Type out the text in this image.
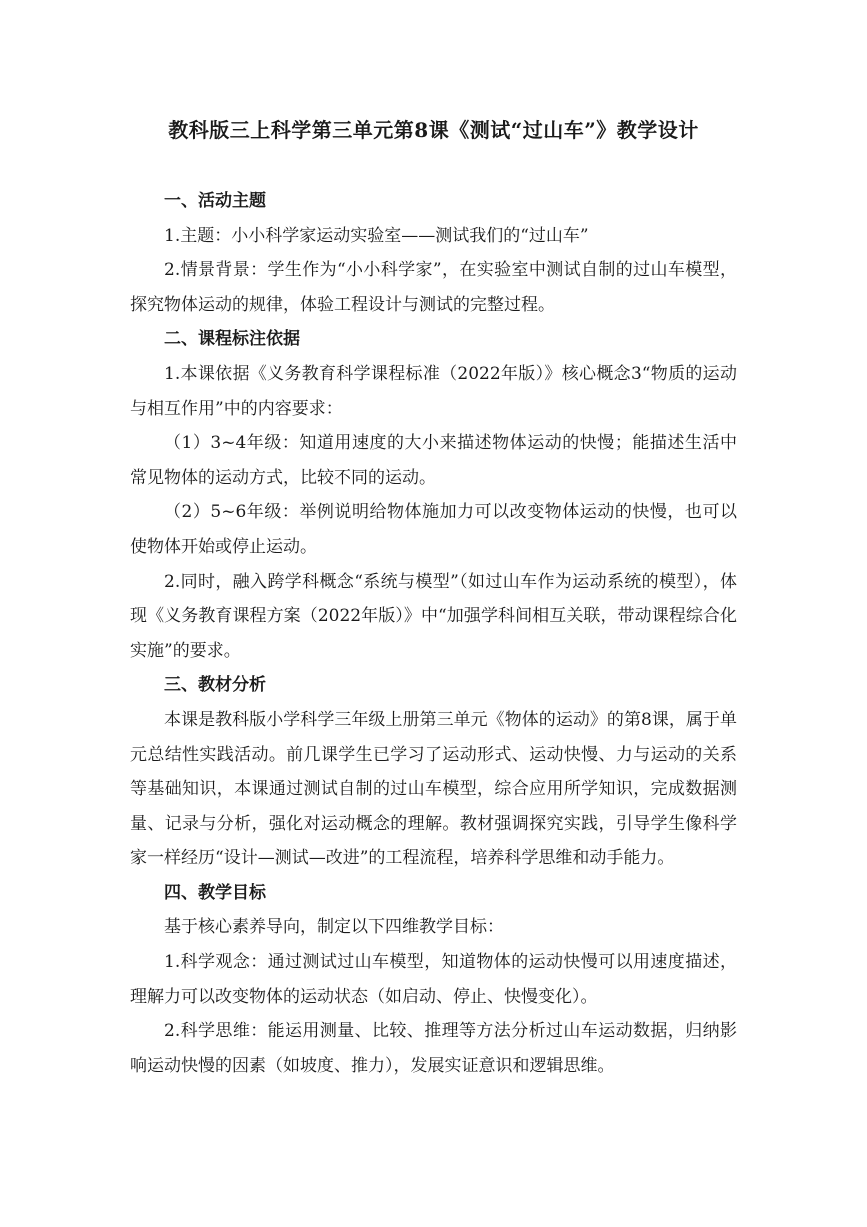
教科版三上科学第三单元第8课《测试“过山车”》教学设计
一、活动主题

1.主题：小小科学家运动实验室——测试我们的“过山车”

2.情景背景：学生作为“小小科学家”，在实验室中测试自制的过山车模型，探究物体运动的规律，体验工程设计与测试的完整过程。

二、课程标注依据

1.本课依据《义务教育科学课程标准（2022年版）》核心概念3“物质的运动与相互作用”中的内容要求：

（1）3~4年级：知道用速度的大小来描述物体运动的快慢；能描述生活中常见物体的运动方式，比较不同的运动。

（2）5~6年级：举例说明给物体施加力可以改变物体运动的快慢，也可以使物体开始或停止运动。

2.同时，融入跨学科概念“系统与模型”（如过山车作为运动系统的模型），体现《义务教育课程方案（2022年版）》中“加强学科间相互关联，带动课程综合化实施”的要求。

三、教材分析

本课是教科版小学科学三年级上册第三单元《物体的运动》的第8课，属于单元总结性实践活动。前几课学生已学习了运动形式、运动快慢、力与运动的关系等基础知识，本课通过测试自制的过山车模型，综合应用所学知识，完成数据测量、记录与分析，强化对运动概念的理解。教材强调探究实践，引导学生像科学家一样经历“设计—测试—改进”的工程流程，培养科学思维和动手能力。

四、教学目标

基于核心素养导向，制定以下四维教学目标：

1.科学观念：通过测试过山车模型，知道物体的运动快慢可以用速度描述，理解力可以改变物体的运动状态（如启动、停止、快慢变化）。

2.科学思维：能运用测量、比较、推理等方法分析过山车运动数据，归纳影响运动快慢的因素（如坡度、推力），发展实证意识和逻辑思维。
